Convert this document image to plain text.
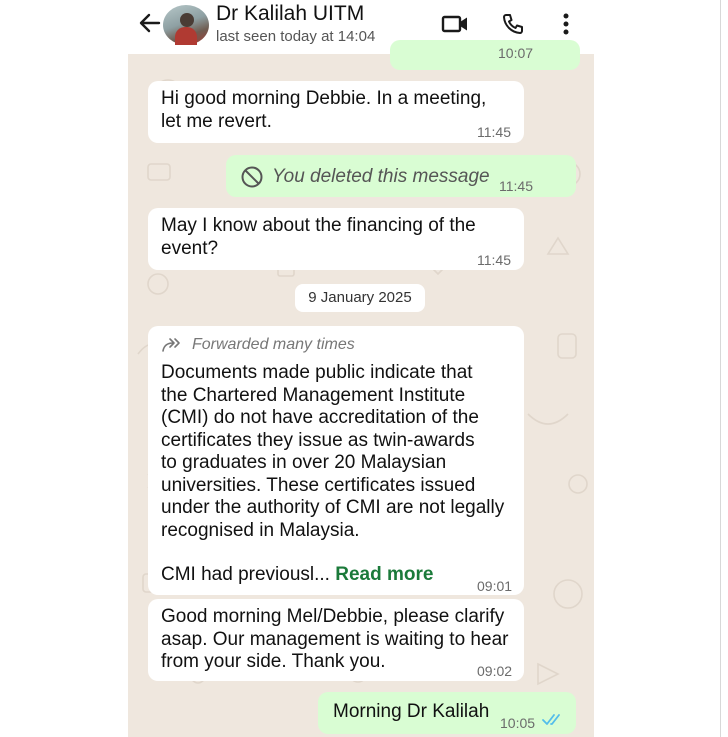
Dr Kalilah UITM
last seen today at 14:04
10:07
Hi good morning Debbie. In a meeting,
let me revert.
11:45
You deleted this message 11:45
May I know about the financing of the
event?
11:45
9 January 2025
Forwarded many times
Documents made public indicate that
the Chartered Management Institute
(CMI) do not have accreditation of the
certificates they issue as twin-awards
to graduates in over 20 Malaysian
universities. These certificates issued
under the authority of CMI are not legally
recognised in Malaysia.
CMI had previousl... Read more
09:01
Good morning Mel/Debbie, please clarify
asap. Our management is waiting to hear
from your side. Thank you.	09:02
Morning Dr Kalilah
10:05
